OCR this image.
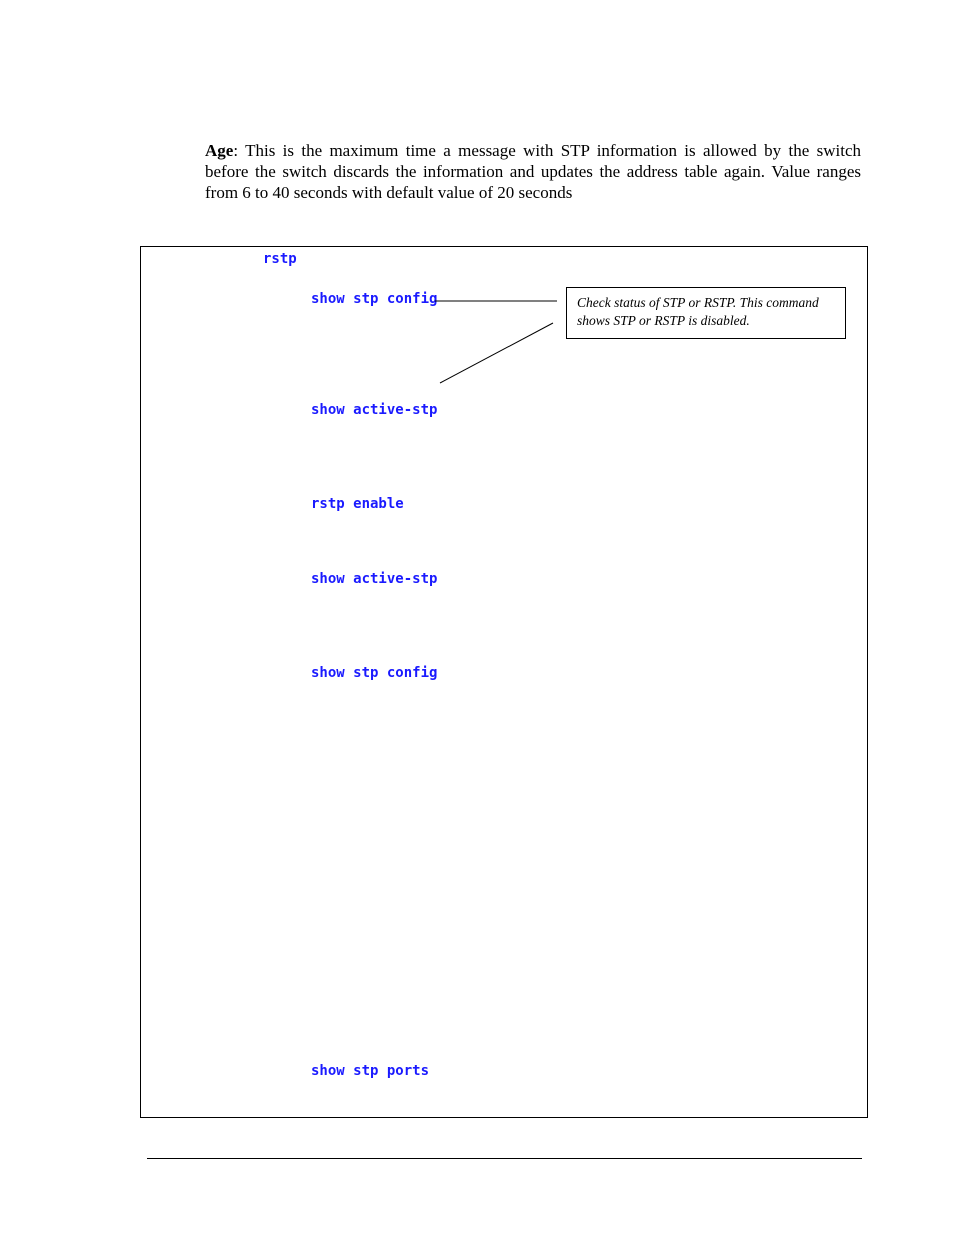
Age: This is the maximum time a message with STP information is allowed by the switch before the switch discards the information and updates the address table again. Value ranges from 6 to 40 seconds with default value of 20 seconds

rstp
show stp config
show active-stp
rstp enable
show active-stp
show stp config
show stp ports
Check status of STP or RSTP. This command shows STP or RSTP is disabled.
